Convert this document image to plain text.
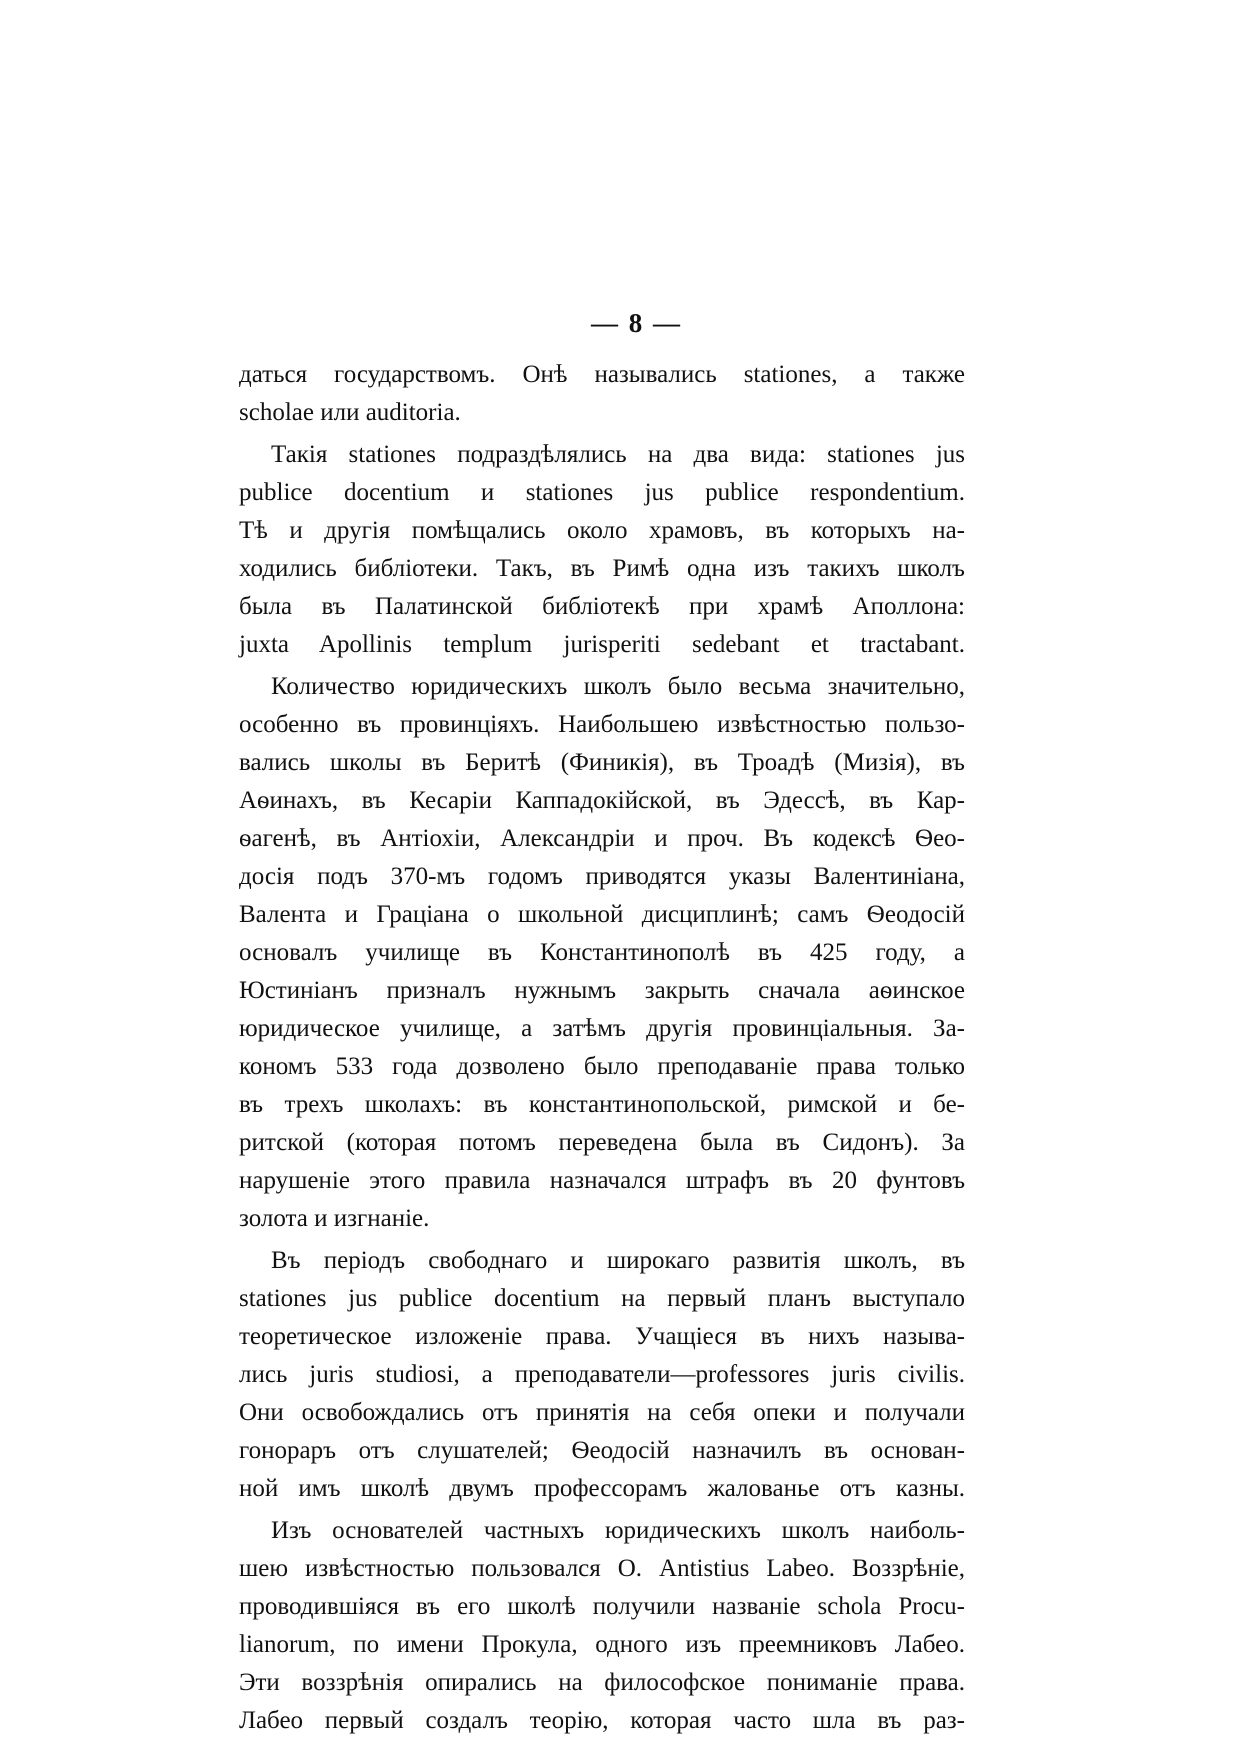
— 8 —
даться государствомъ. Онѣ назывались stationes, а также
scholae или auditoria.
Такія stationes подраздѣлялись на два вида: stationes jus
publice docentium и stationes jus publice respondentium.
Тѣ и другія помѣщались около храмовъ, въ которыхъ на-
ходились библіотеки. Такъ, въ Римѣ одна изъ такихъ школъ
была въ Палатинской библіотекѣ при храмѣ Аполлона:
juxta Apollinis templum jurisperiti sedebant et tractabant.
Количество юридическихъ школъ было весьма значительно,
особенно въ провинціяхъ. Наибольшею извѣстностью пользо-
вались школы въ Беритѣ (Финикія), въ Троадѣ (Мизія), въ
Аѳинахъ, въ Кесаріи Каппадокійской, въ Эдессѣ, въ Кар-
ѳагенѣ, въ Антіохіи, Александріи и проч. Въ кодексѣ Ѳео-
досія подъ 370-мъ годомъ приводятся указы Валентиніана,
Валента и Граціана о школьной дисциплинѣ; самъ Ѳеодосій
основалъ училище въ Константинополѣ въ 425 году, а
Юстиніанъ призналъ нужнымъ закрыть сначала аѳинское
юридическое училище, а затѣмъ другія провинціальныя. За-
кономъ 533 года дозволено было преподаваніе права только
въ трехъ школахъ: въ константинопольской, римской и бе-
ритской (которая потомъ переведена была въ Сидонъ). За
нарушеніе этого правила назначался штрафъ въ 20 фунтовъ
золота и изгнаніе.
Въ періодъ свободнаго и широкаго развитія школъ, въ
stationes jus publice docentium на первый планъ выступало
теоретическое изложеніе права. Учащіеся въ нихъ называ-
лись juris studiosi, а преподаватели—professores juris civilis.
Они освобождались отъ принятія на себя опеки и получали
гонораръ отъ слушателей; Ѳеодосій назначилъ въ основан-
ной имъ школѣ двумъ профессорамъ жалованье отъ казны.
Изъ основателей частныхъ юридическихъ школъ наиболь-
шею извѣстностью пользовался О. Antistius Labeo. Воззрѣніе,
проводившіяся въ его школѣ получили названіе schola Procu-
lianorum, по имени Прокула, одного изъ преемниковъ Лабео.
Эти воззрѣнія опирались на философское пониманіе права.
Лабео первый создалъ теорію, которая часто шла въ раз-
